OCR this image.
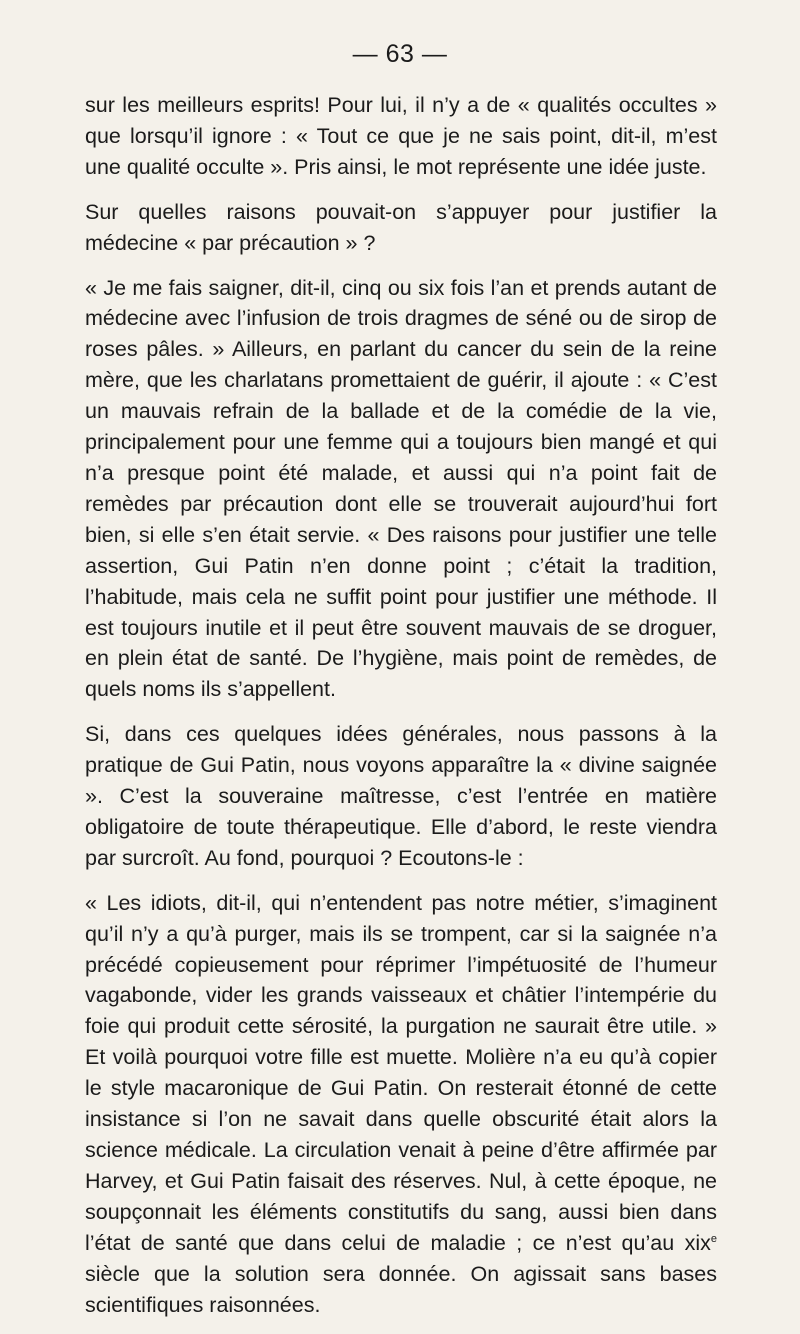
— 63 —

sur les meilleurs esprits! Pour lui, il n’y a de « qualités occultes » que lorsqu’il ignore : « Tout ce que je ne sais point, dit-il, m’est une qualité occulte ». Pris ainsi, le mot représente une idée juste.

Sur quelles raisons pouvait-on s’appuyer pour justifier la médecine « par précaution » ?

« Je me fais saigner, dit-il, cinq ou six fois l’an et prends autant de médecine avec l’infusion de trois dragmes de séné ou de sirop de roses pâles. » Ailleurs, en parlant du cancer du sein de la reine mère, que les charlatans promettaient de guérir, il ajoute : « C’est un mauvais refrain de la ballade et de la comédie de la vie, principalement pour une femme qui a toujours bien mangé et qui n’a presque point été malade, et aussi qui n’a point fait de remèdes par précaution dont elle se trouverait aujourd’hui fort bien, si elle s’en était servie. « Des raisons pour justifier une telle assertion, Gui Patin n’en donne point ; c’était la tradition, l’habitude, mais cela ne suffit point pour justifier une méthode. Il est toujours inutile et il peut être souvent mauvais de se droguer, en plein état de santé. De l’hygiène, mais point de remèdes, de quels noms ils s’appellent.

Si, dans ces quelques idées générales, nous passons à la pratique de Gui Patin, nous voyons apparaître la « divine saignée ». C’est la souveraine maîtresse, c’est l’entrée en matière obligatoire de toute thérapeutique. Elle d’abord, le reste viendra par surcroît. Au fond, pourquoi ? Ecoutons-le :

« Les idiots, dit-il, qui n’entendent pas notre métier, s’imaginent qu’il n’y a qu’à purger, mais ils se trompent, car si la saignée n’a précédé copieusement pour réprimer l’impétuosité de l’humeur vagabonde, vider les grands vaisseaux et châtier l’intempérie du foie qui produit cette sérosité, la purgation ne saurait être utile. » Et voilà pourquoi votre fille est muette. Molière n’a eu qu’à copier le style macaronique de Gui Patin. On resterait étonné de cette insistance si l’on ne savait dans quelle obscurité était alors la science médicale. La circulation venait à peine d’être affirmée par Harvey, et Gui Patin faisait des réserves. Nul, à cette époque, ne soupçonnait les éléments constitutifs du sang, aussi bien dans l’état de santé que dans celui de maladie ; ce n’est qu’au xix$^e$ siècle que la solution sera donnée. On agissait sans bases scientifiques raisonnées.
